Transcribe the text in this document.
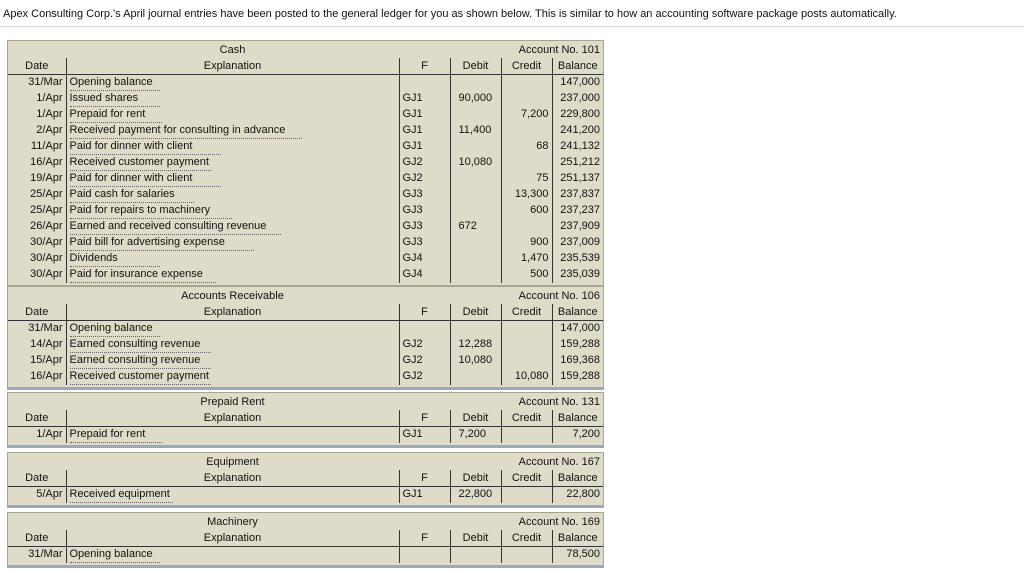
Apex Consulting Corp.'s April journal entries have been posted to the general ledger for you as shown below. This is similar to how an accounting software package posts automatically.
	Cash	Account No. 101			
Date	Explanation	F	Debit	Credit	Balance
31/Mar	Opening balance				147,000
1/Apr	Issued shares	GJ1	90,000		237,000
1/Apr	Prepaid for rent	GJ1		7,200	229,800
2/Apr	Received payment for consulting in advance	GJ1	11,400		241,200
11/Apr	Paid for dinner with client	GJ1		68	241,132
16/Apr	Received customer payment	GJ2	10,080		251,212
19/Apr	Paid for dinner with client	GJ2		75	251,137
25/Apr	Paid cash for salaries	GJ3		13,300	237,837
25/Apr	Paid for repairs to machinery	GJ3		600	237,237
26/Apr	Earned and received consulting revenue	GJ3	672		237,909
30/Apr	Paid bill for advertising expense	GJ3		900	237,009
30/Apr	Dividends	GJ4		1,470	235,539
30/Apr	Paid for insurance expense	GJ4		500	235,039
	Accounts Receivable	Account No. 106			
Date	Explanation	F	Debit	Credit	Balance
31/Mar	Opening balance				147,000
14/Apr	Earned consulting revenue	GJ2	12,288		159,288
15/Apr	Earned consulting revenue	GJ2	10,080		169,368
16/Apr	Received customer payment	GJ2		10,080	159,288
	Prepaid Rent	Account No. 131			
Date	Explanation	F	Debit	Credit	Balance
1/Apr	Prepaid for rent	GJ1	7,200		7,200
	Equipment	Account No. 167			
Date	Explanation	F	Debit	Credit	Balance
5/Apr	Received equipment	GJ1	22,800		22,800
	Machinery	Account No. 169			
Date	Explanation	F	Debit	Credit	Balance
31/Mar	Opening balance				78,500
